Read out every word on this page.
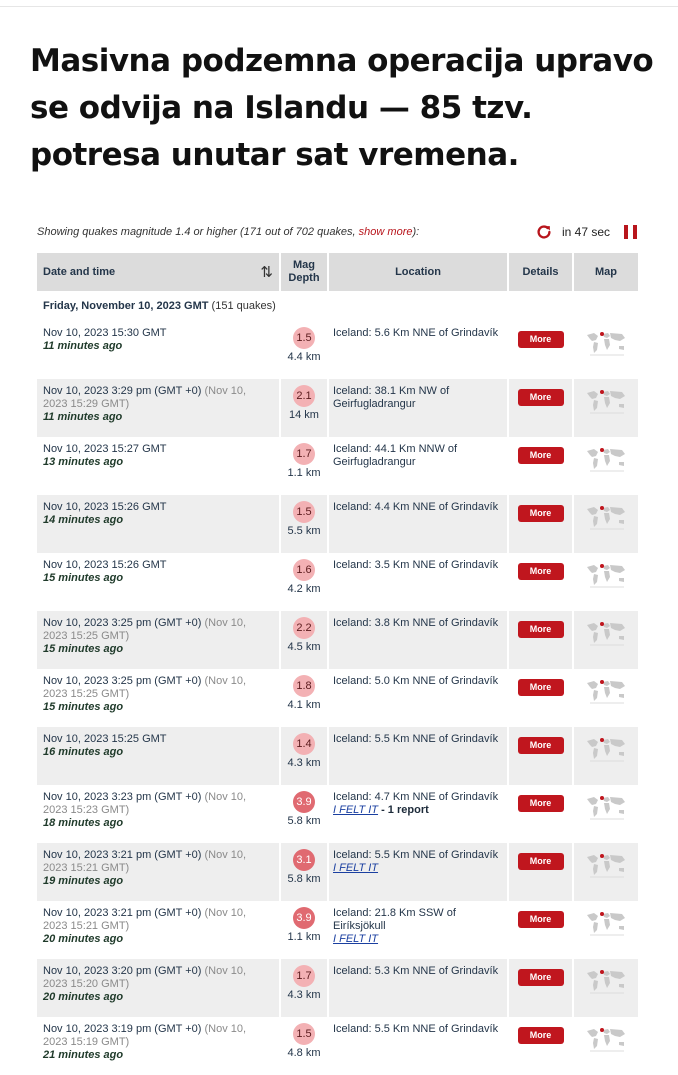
Masivna podzemna operacija upravo se odvija na Islandu — 85 tzv. potresa unutar sat vremena.
Showing quakes magnitude 1.4 or higher (171 out of 702 quakes, show more):	in 47 sec
Date and time ⇅	Mag
Depth	Location	Details	Map
Friday, November 10, 2023 GMT (151 quakes)				
Nov 10, 2023 15:30 GMT
11 minutes ago	1.5
4.4 km	Iceland: 5.6 Km NNE of Grindavík	More	

Nov 10, 2023 3:29 pm (GMT +0) (Nov 10, 2023 15:29 GMT)
11 minutes ago	2.1
14 km	Iceland: 38.1 Km NW of Geirfugladrangur	More	

Nov 10, 2023 15:27 GMT
13 minutes ago	1.7
1.1 km	Iceland: 44.1 Km NNW of Geirfugladrangur	More	

Nov 10, 2023 15:26 GMT
14 minutes ago	1.5
5.5 km	Iceland: 4.4 Km NNE of Grindavík	More	

Nov 10, 2023 15:26 GMT
15 minutes ago	1.6
4.2 km	Iceland: 3.5 Km NNE of Grindavík	More	

Nov 10, 2023 3:25 pm (GMT +0) (Nov 10, 2023 15:25 GMT)
15 minutes ago	2.2
4.5 km	Iceland: 3.8 Km NNE of Grindavík	More	

Nov 10, 2023 3:25 pm (GMT +0) (Nov 10, 2023 15:25 GMT)
15 minutes ago	1.8
4.1 km	Iceland: 5.0 Km NNE of Grindavík	More	

Nov 10, 2023 15:25 GMT
16 minutes ago	1.4
4.3 km	Iceland: 5.5 Km NNE of Grindavík	More	

Nov 10, 2023 3:23 pm (GMT +0) (Nov 10, 2023 15:23 GMT)
18 minutes ago	3.9
5.8 km	Iceland: 4.7 Km NNE of Grindavík
I FELT IT - 1 report	More	

Nov 10, 2023 3:21 pm (GMT +0) (Nov 10, 2023 15:21 GMT)
19 minutes ago	3.1
5.8 km	Iceland: 5.5 Km NNE of Grindavík
I FELT IT	More	

Nov 10, 2023 3:21 pm (GMT +0) (Nov 10, 2023 15:21 GMT)
20 minutes ago	3.9
1.1 km	Iceland: 21.8 Km SSW of Eiríksjökull
I FELT IT	More	

Nov 10, 2023 3:20 pm (GMT +0) (Nov 10, 2023 15:20 GMT)
20 minutes ago	1.7
4.3 km	Iceland: 5.3 Km NNE of Grindavík	More	

Nov 10, 2023 3:19 pm (GMT +0) (Nov 10, 2023 15:19 GMT)
21 minutes ago	1.5
4.8 km	Iceland: 5.5 Km NNE of Grindavík	More	
